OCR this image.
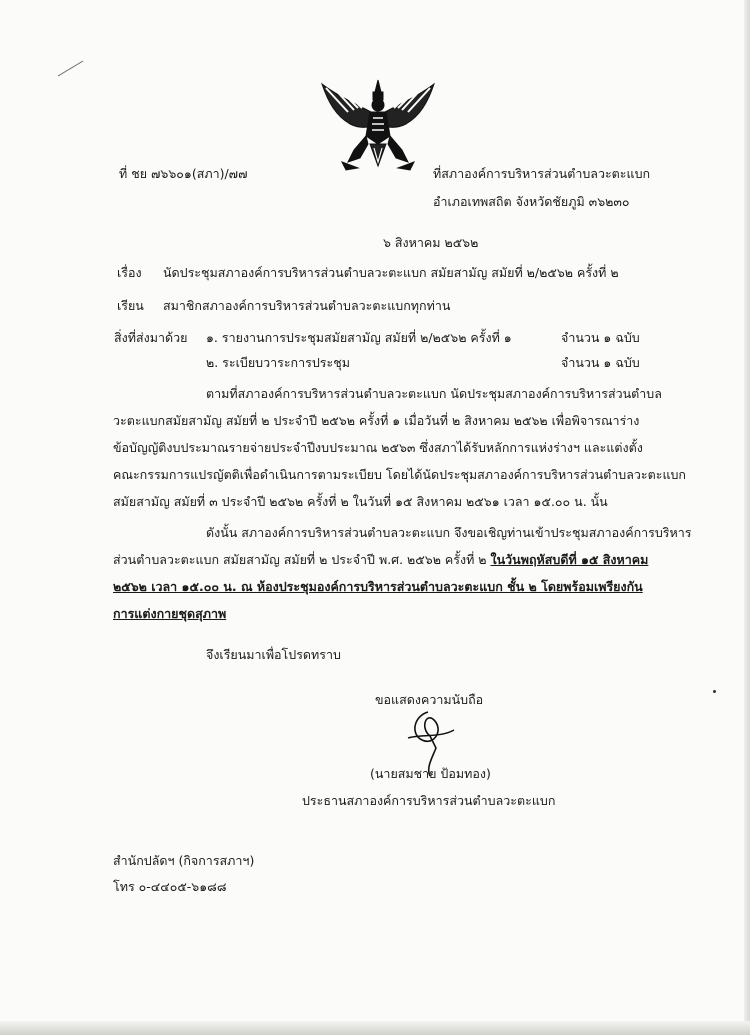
ที่ ชย ๗๖๖๐๑(สภา)/๗๗	ที่สภาองค์การบริหารส่วนตำบลวะตะแบก
อำเภอเทพสถิต จังหวัดชัยภูมิ ๓๖๒๓๐
๖ สิงหาคม ๒๕๖๒
เรื่อง นัดประชุมสภาองค์การบริหารส่วนตำบลวะตะแบก สมัยสามัญ สมัยที่ ๒/๒๕๖๒ ครั้งที่ ๒
เรียน สมาชิกสภาองค์การบริหารส่วนตำบลวะตะแบกทุกท่าน
สิ่งที่ส่งมาด้วย ๑. รายงานการประชุมสมัยสามัญ สมัยที่ ๒/๒๕๖๒ ครั้งที่ ๑	จำนวน ๑ ฉบับ
๒. ระเบียบวาระการประชุม	จำนวน ๑ ฉบับ
ตามที่สภาองค์การบริหารส่วนตำบลวะตะแบก นัดประชุมสภาองค์การบริหารส่วนตำบล
วะตะแบกสมัยสามัญ สมัยที่ ๒ ประจำปี ๒๕๖๒ ครั้งที่ ๑ เมื่อวันที่ ๒ สิงหาคม ๒๕๖๒ เพื่อพิจารณาร่าง
ข้อบัญญัติงบประมาณรายจ่ายประจำปีงบประมาณ ๒๕๖๓ ซึ่งสภาได้รับหลักการแห่งร่างฯ และแต่งตั้ง
คณะกรรมการแปรญัตติเพื่อดำเนินการตามระเบียบ โดยได้นัดประชุมสภาองค์การบริหารส่วนตำบลวะตะแบก
สมัยสามัญ สมัยที่ ๓ ประจำปี ๒๕๖๒ ครั้งที่ ๒ ในวันที่ ๑๕ สิงหาคม ๒๕๖๑ เวลา ๑๕.๐๐ น. นั้น
ดังนั้น สภาองค์การบริหารส่วนตำบลวะตะแบก จึงขอเชิญท่านเข้าประชุมสภาองค์การบริหาร
ส่วนตำบลวะตะแบก สมัยสามัญ สมัยที่ ๒ ประจำปี พ.ศ. ๒๕๖๒ ครั้งที่ ๒ ในวันพฤหัสบดีที่ ๑๕ สิงหาคม
๒๕๖๒ เวลา ๑๕.๐๐ น. ณ ห้องประชุมองค์การบริหารส่วนตำบลวะตะแบก ชั้น ๒ โดยพร้อมเพรียงกัน
การแต่งกายชุดสุภาพ
จึงเรียนมาเพื่อโปรดทราบ
ขอแสดงความนับถือ
(นายสมชาย ป้อมทอง)
ประธานสภาองค์การบริหารส่วนตำบลวะตะแบก
สำนักปลัดฯ (กิจการสภาฯ)
โทร ๐-๔๔๐๕-๖๑๘๘
